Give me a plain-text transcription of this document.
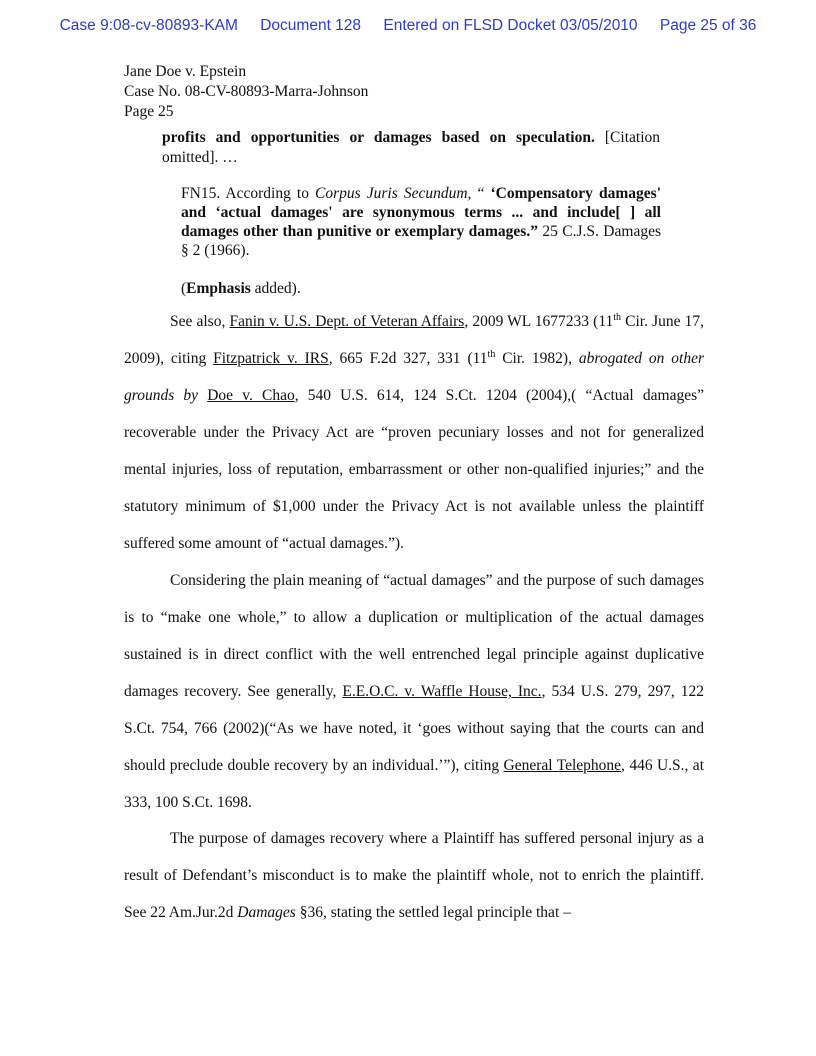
Case 9:08-cv-80893-KAM Document 128 Entered on FLSD Docket 03/05/2010 Page 25 of 36
Jane Doe v. Epstein
Case No. 08-CV-80893-Marra-Johnson
Page 25
profits and opportunities or damages based on speculation. [Citation omitted]. …
FN15. According to Corpus Juris Secundum, “ ‘Compensatory damages' and ‘actual damages' are synonymous terms ... and include[ ] all damages other than punitive or exemplary damages.” 25 C.J.S. Damages § 2 (1966).
(Emphasis added).

See also, Fanin v. U.S. Dept. of Veteran Affairs, 2009 WL 1677233 (11th Cir. June 17, 2009), citing Fitzpatrick v. IRS, 665 F.2d 327, 331 (11th Cir. 1982), abrogated on other grounds by Doe v. Chao, 540 U.S. 614, 124 S.Ct. 1204 (2004),( “Actual damages” recoverable under the Privacy Act are “proven pecuniary losses and not for generalized mental injuries, loss of reputation, embarrassment or other non-qualified injuries;” and the statutory minimum of $1,000 under the Privacy Act is not available unless the plaintiff suffered some amount of “actual damages.”).

Considering the plain meaning of “actual damages” and the purpose of such damages is to “make one whole,” to allow a duplication or multiplication of the actual damages sustained is in direct conflict with the well entrenched legal principle against duplicative damages recovery. See generally, E.E.O.C. v. Waffle House, Inc., 534 U.S. 279, 297, 122 S.Ct. 754, 766 (2002)(“As we have noted, it ‘goes without saying that the courts can and should preclude double recovery by an individual.’”), citing General Telephone, 446 U.S., at 333, 100 S.Ct. 1698.

The purpose of damages recovery where a Plaintiff has suffered personal injury as a result of Defendant’s misconduct is to make the plaintiff whole, not to enrich the plaintiff. See 22 Am.Jur.2d Damages §36, stating the settled legal principle that –
